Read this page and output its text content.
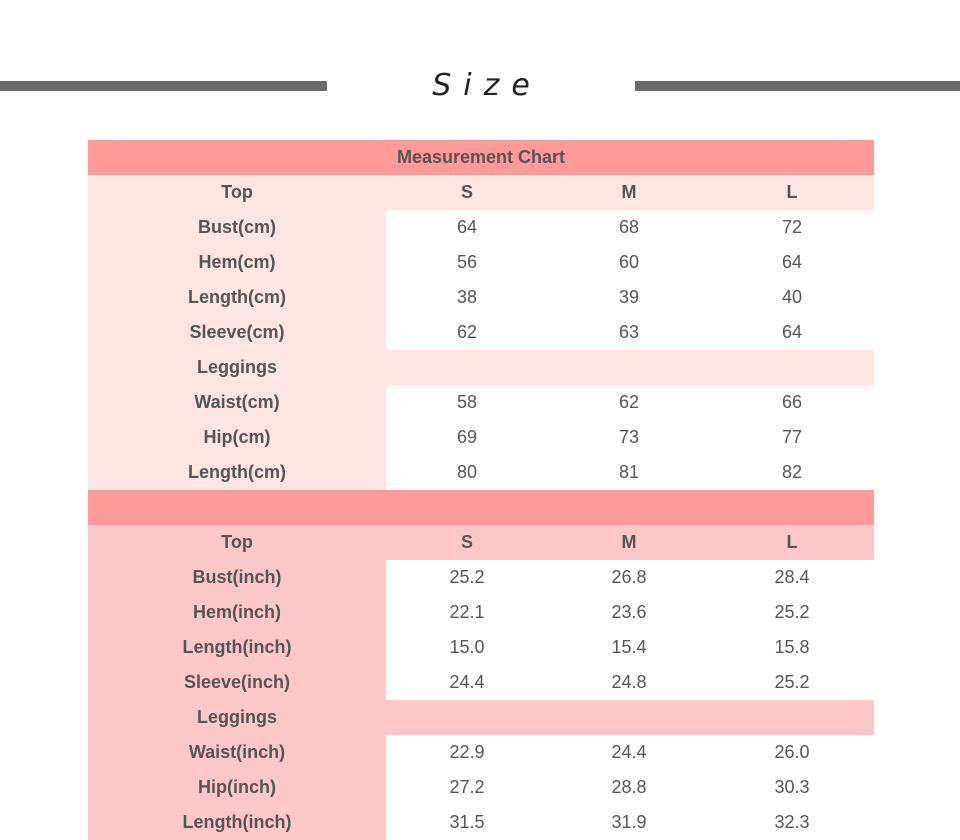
Size
Measurement Chart			
Top	S	M	L
Bust(cm)	64	68	72
Hem(cm)	56	60	64
Length(cm)	38	39	40
Sleeve(cm)	62	63	64
Leggings			
Waist(cm)	58	62	66
Hip(cm)	69	73	77
Length(cm)	80	81	82

Top	S	M	L
Bust(inch)	25.2	26.8	28.4
Hem(inch)	22.1	23.6	25.2
Length(inch)	15.0	15.4	15.8
Sleeve(inch)	24.4	24.8	25.2
Leggings			
Waist(inch)	22.9	24.4	26.0
Hip(inch)	27.2	28.8	30.3
Length(inch)	31.5	31.9	32.3
